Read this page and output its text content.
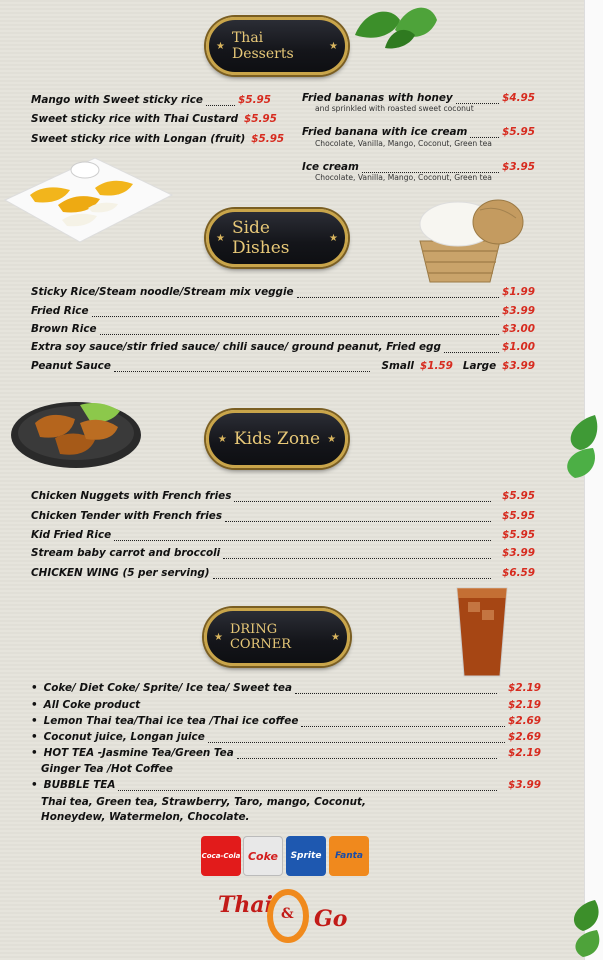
★ Thai Desserts	★
Mango with Sweet sticky rice	$5.95
Sweet sticky rice with Thai Custard $5.95
Sweet sticky rice with Longan (fruit) $5.95
Fried bananas with honey	$4.95
and sprinkled with roasted sweet coconut
Fried banana with ice cream	$5.95
Chocolate, Vanilla, Mango, Coconut, Green tea
Ice cream	$3.95
Chocolate, Vanilla, Mango, Coconut, Green tea
★ Side Dishes	★
Sticky Rice/Steam noodle/Stream mix veggie	$1.99
Fried Rice	$3.99
Brown Rice	$3.00
Extra soy sauce/stir fried sauce/ chili sauce/ ground peanut, Fried egg	$1.00
Peanut Sauce	Small $1.59 Large $3.99
★ Kids Zone ★
Chicken Nuggets with French fries	$5.95
Chicken Tender with French fries	$5.95
Kid Fried Rice	$5.95
Stream baby carrot and broccoli	$3.99
CHICKEN WING (5 per serving)	$6.59
★ DRING CORNER	★
• Coke/ Diet Coke/ Sprite/ Ice tea/ Sweet tea	$2.19
• All Coke product	$2.19
• Lemon Thai tea/Thai ice tea /Thai ice coffee	$2.69
• Coconut juice, Longan juice	$2.69
• HOT TEA -Jasmine Tea/Green Tea	$2.19
Ginger Tea /Hot Coffee
• BUBBLE TEA	$3.99
Thai tea, Green tea, Strawberry, Taro, mango, Coconut,
Honeydew, Watermelon, Chocolate.
Coca-Cola Coke Sprite Fanta
Thai & Go
